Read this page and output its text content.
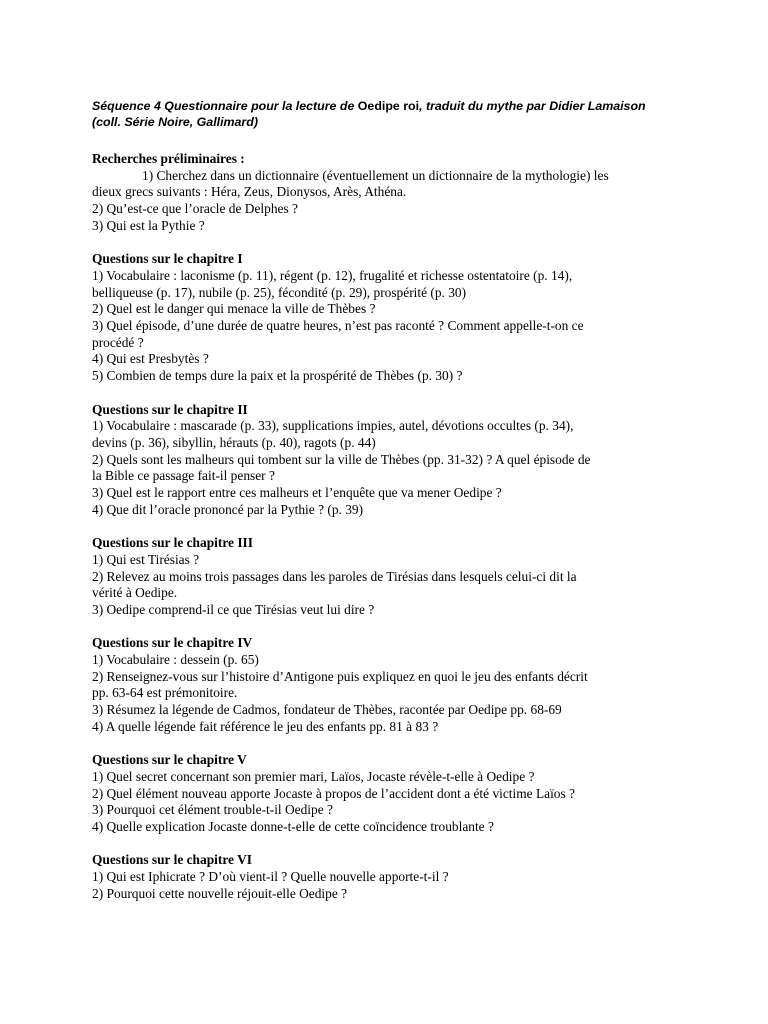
Séquence 4 Questionnaire pour la lecture de Oedipe roi, traduit du mythe par Didier Lamaison
(coll. Série Noire, Gallimard)
Recherches préliminaires :
1) Cherchez dans un dictionnaire (éventuellement un dictionnaire de la mythologie) les
dieux grecs suivants : Héra, Zeus, Dionysos, Arès, Athéna.
2) Qu’est-ce que l’oracle de Delphes ?
3) Qui est la Pythie ?
Questions sur le chapitre I
1) Vocabulaire : laconisme (p. 11), régent (p. 12), frugalité et richesse ostentatoire (p. 14),
belliqueuse (p. 17), nubile (p. 25), fécondité (p. 29), prospérité (p. 30)
2) Quel est le danger qui menace la ville de Thèbes ?
3) Quel épisode, d’une durée de quatre heures, n’est pas raconté ? Comment appelle-t-on ce
procédé ?
4) Qui est Presbytès ?
5) Combien de temps dure la paix et la prospérité de Thèbes (p. 30) ?
Questions sur le chapitre II
1) Vocabulaire : mascarade (p. 33), supplications impies, autel, dévotions occultes (p. 34),
devins (p. 36), sibyllin, hérauts (p. 40), ragots (p. 44)
2) Quels sont les malheurs qui tombent sur la ville de Thèbes (pp. 31-32) ? A quel épisode de
la Bible ce passage fait-il penser ?
3) Quel est le rapport entre ces malheurs et l’enquête que va mener Oedipe ?
4) Que dit l’oracle prononcé par la Pythie ? (p. 39)
Questions sur le chapitre III
1) Qui est Tirésias ?
2) Relevez au moins trois passages dans les paroles de Tirésias dans lesquels celui-ci dit la
vérité à Oedipe.
3) Oedipe comprend-il ce que Tirésias veut lui dire ?
Questions sur le chapitre IV
1) Vocabulaire : dessein (p. 65)
2) Renseignez-vous sur l’histoire d’Antigone puis expliquez en quoi le jeu des enfants décrit
pp. 63-64 est prémonitoire.
3) Résumez la légende de Cadmos, fondateur de Thèbes, racontée par Oedipe pp. 68-69
4) A quelle légende fait référence le jeu des enfants pp. 81 à 83 ?
Questions sur le chapitre V
1) Quel secret concernant son premier mari, Laïos, Jocaste révèle-t-elle à Oedipe ?
2) Quel élément nouveau apporte Jocaste à propos de l’accident dont a été victime Laïos ?
3) Pourquoi cet élément trouble-t-il Oedipe ?
4) Quelle explication Jocaste donne-t-elle de cette coïncidence troublante ?
Questions sur le chapitre VI
1) Qui est Iphicrate ? D’où vient-il ? Quelle nouvelle apporte-t-il ?
2) Pourquoi cette nouvelle réjouit-elle Oedipe ?
